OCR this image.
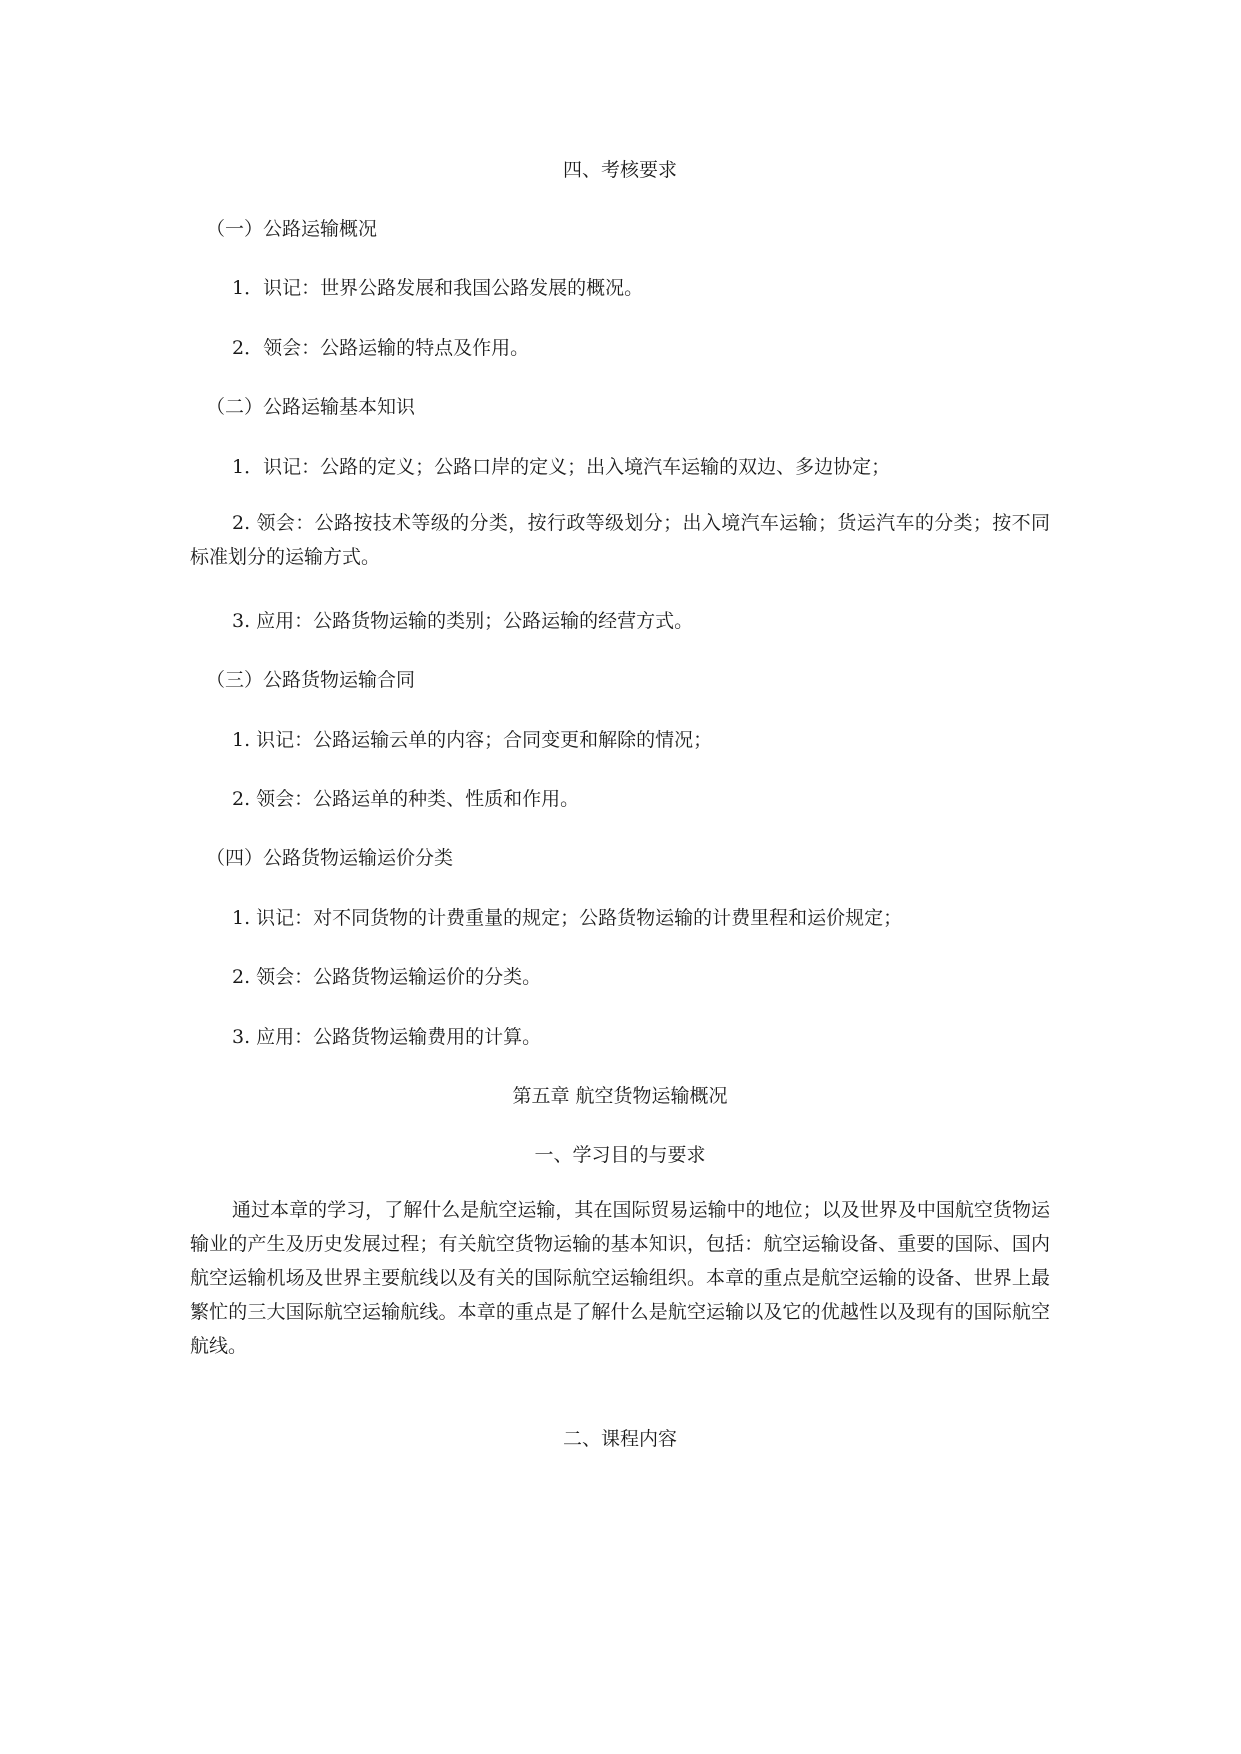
四、考核要求
（一）公路运输概况
1．识记：世界公路发展和我国公路发展的概况。
2．领会：公路运输的特点及作用。
（二）公路运输基本知识
1．识记：公路的定义；公路口岸的定义；出入境汽车运输的双边、多边协定；
2. 领会：公路按技术等级的分类，按行政等级划分；出入境汽车运输；货运汽车的分类；按不同标准划分的运输方式。
3. 应用：公路货物运输的类别；公路运输的经营方式。
（三）公路货物运输合同
1. 识记：公路运输云单的内容；合同变更和解除的情况；
2. 领会：公路运单的种类、性质和作用。
（四）公路货物运输运价分类
1. 识记：对不同货物的计费重量的规定；公路货物运输的计费里程和运价规定；
2. 领会：公路货物运输运价的分类。
3. 应用：公路货物运输费用的计算。
第五章 航空货物运输概况
一、学习目的与要求
通过本章的学习，了解什么是航空运输，其在国际贸易运输中的地位；以及世界及中国航空货物运输业的产生及历史发展过程；有关航空货物运输的基本知识，包括：航空运输设备、重要的国际、国内航空运输机场及世界主要航线以及有关的国际航空运输组织。本章的重点是航空运输的设备、世界上最繁忙的三大国际航空运输航线。本章的重点是了解什么是航空运输以及它的优越性以及现有的国际航空航线。
二、课程内容
